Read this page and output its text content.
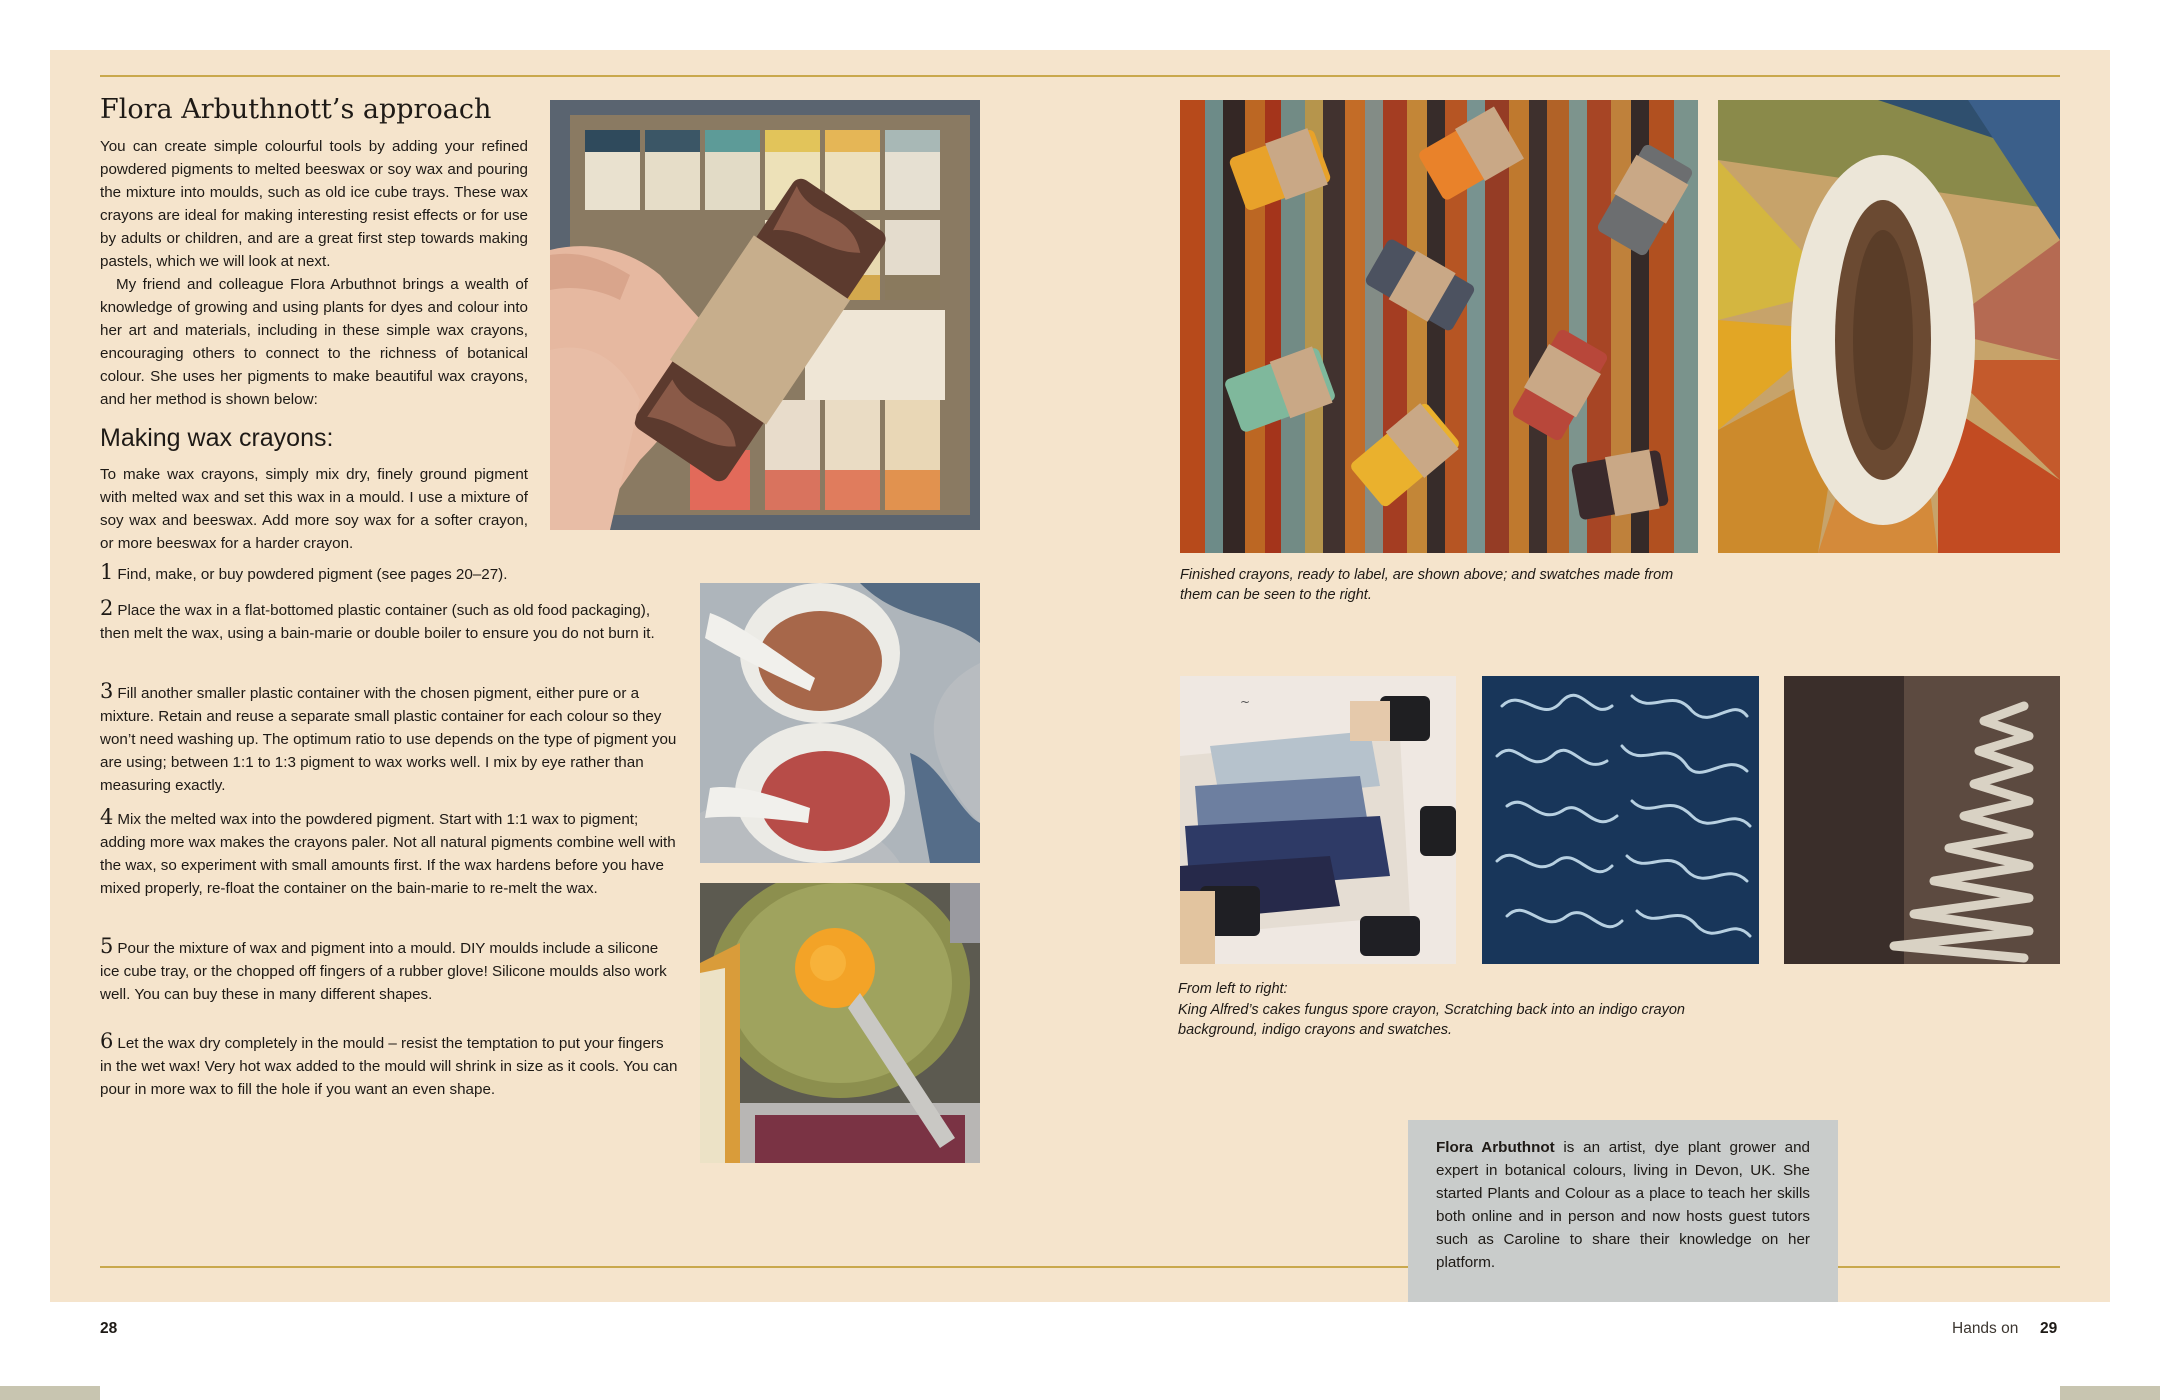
Flora Arbuthnott’s approach

You can create simple colourful tools by adding your refined powdered pigments to melted beeswax or soy wax and pouring the mixture into moulds, such as old ice cube trays. These wax crayons are ideal for making interesting resist effects or for use by adults or children, and are a great first step towards making pastels, which we will look at next.

My friend and colleague Flora Arbuthnot brings a wealth of knowledge of growing and using plants for dyes and colour into her art and materials, including in these simple wax crayons, encouraging others to connect to the richness of botanical colour. She uses her pigments to make beautiful wax crayons, and her method is shown below:

Making wax crayons:

To make wax crayons, simply mix dry, finely ground pigment with melted wax and set this wax in a mould. I use a mixture of soy wax and beeswax. Add more soy wax for a softer crayon, or more beeswax for a harder crayon.

1 Find, make, or buy powdered pigment (see pages 20–27).

2 Place the wax in a flat-bottomed plastic container (such as old food packaging), then melt the wax, using a bain-marie or double boiler to ensure you do not burn it.

3 Fill another smaller plastic container with the chosen pigment, either pure or a mixture. Retain and reuse a separate small plastic container for each colour so they won’t need washing up. The optimum ratio to use depends on the type of pigment you are using; between 1:1 to 1:3 pigment to wax works well. I mix by eye rather than measuring exactly.

4 Mix the melted wax into the powdered pigment. Start with 1:1 wax to pigment; adding more wax makes the crayons paler. Not all natural pigments combine well with the wax, so experiment with small amounts first. If the wax hardens before you have mixed properly, re-float the container on the bain-marie to re-melt the wax.

5 Pour the mixture of wax and pigment into a mould. DIY moulds include a silicone ice cube tray, or the chopped off fingers of a rubber glove! Silicone moulds also work well. You can buy these in many different shapes.

6 Let the wax dry completely in the mould – resist the temptation to put your fingers in the wet wax! Very hot wax added to the mould will shrink in size as it cools. You can pour in more wax to fill the hole if you want an even shape.

Finished crayons, ready to label, are shown above; and swatches made from them can be seen to the right.

~

From left to right:

King Alfred’s cakes fungus spore crayon, Scratching back into an indigo crayon background, indigo crayons and swatches.

Flora Arbuthnot is an artist, dye plant grower and expert in botanical colours, living in Devon, UK. She started Plants and Colour as a place to teach her skills both online and in person and now hosts guest tutors such as Caroline to share their knowledge on her platform.

28	Hands on 29
